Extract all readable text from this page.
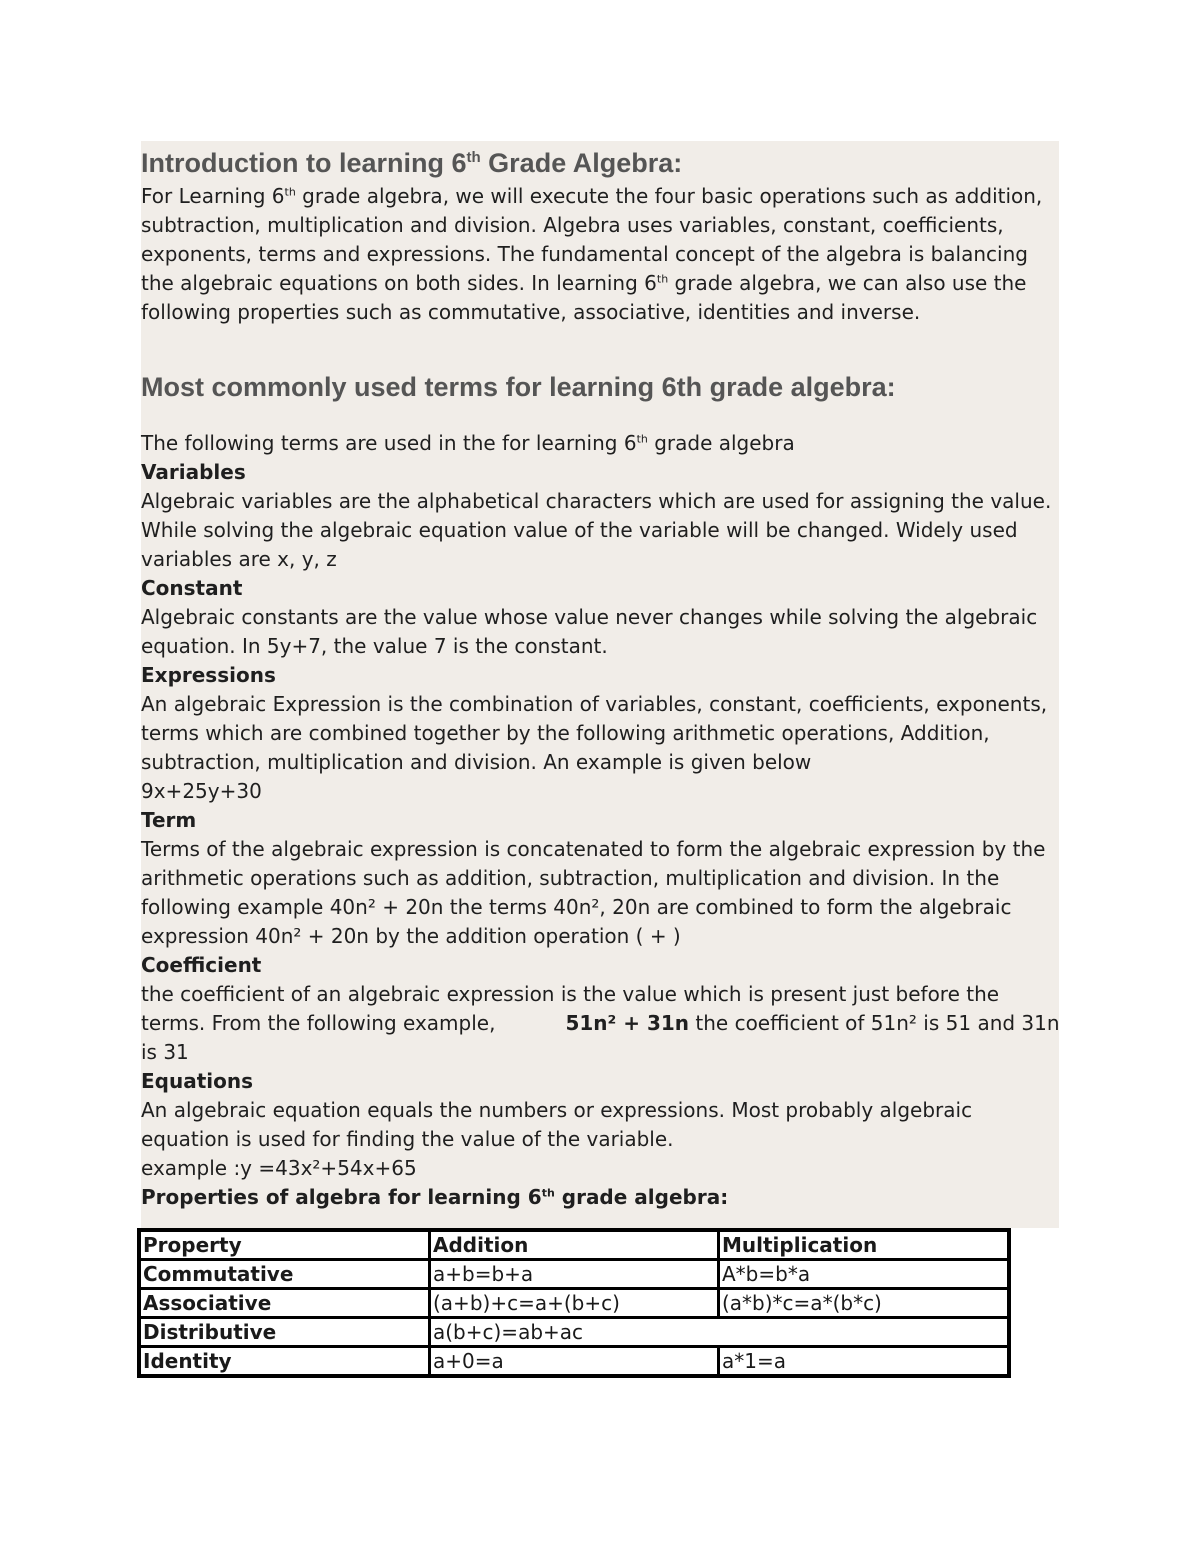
Introduction to learning 6th Grade Algebra:

For Learning 6th grade algebra, we will execute the four basic operations such as addition, subtraction, multiplication and division. Algebra uses variables, constant, coefficients, exponents, terms and expressions. The fundamental concept of the algebra is balancing the algebraic equations on both sides. In learning 6th grade algebra, we can also use the following properties such as commutative, associative, identities and inverse.

Most commonly used terms for learning 6th grade algebra:

The following terms are used in the for learning 6th grade algebra

Variables

Algebraic variables are the alphabetical characters which are used for assigning the value. While solving the algebraic equation value of the variable will be changed. Widely used variables are x, y, z

Constant

Algebraic constants are the value whose value never changes while solving the algebraic equation. In 5y+7, the value 7 is the constant.

Expressions

An algebraic Expression is the combination of variables, constant, coefficients, exponents, terms which are combined together by the following arithmetic operations, Addition, subtraction, multiplication and division. An example is given below

9x+25y+30

Term

Terms of the algebraic expression is concatenated to form the algebraic expression by the arithmetic operations such as addition, subtraction, multiplication and division. In the following example 40n² + 20n the terms 40n², 20n are combined to form the algebraic expression 40n² + 20n by the addition operation ( + )

Coefficient

the coefficient of an algebraic expression is the value which is present just before the terms. From the following example,	51n² + 31n the coefficient of 51n² is 51 and 31n is 31

Equations

An algebraic equation equals the numbers or expressions. Most probably algebraic equation is used for finding the value of the variable.

example :y =43x²+54x+65

Properties of algebra for learning 6th grade algebra:

Property	Addition	Multiplication
Commutative	a+b=b+a	A*b=b*a
Associative	(a+b)+c=a+(b+c)	(a*b)*c=a*(b*c)
Distributive	a(b+c)=ab+ac	
Identity	a+0=a	a*1=a
